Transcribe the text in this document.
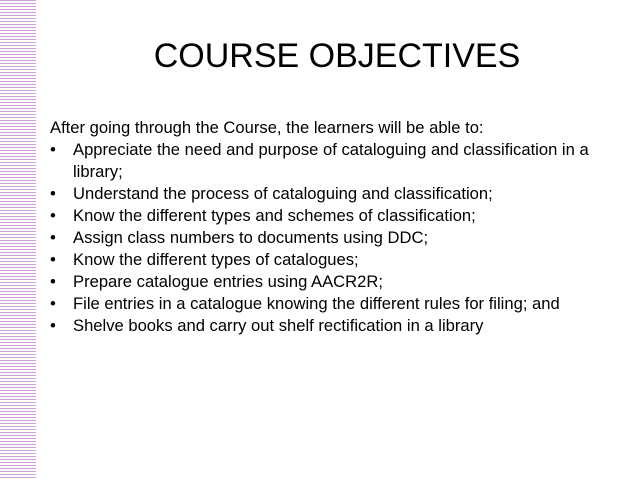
COURSE OBJECTIVES
After going through the Course, the learners will be able to:
•	Appreciate the need and purpose of cataloguing and classification in a library;
•	Understand the process of cataloguing and classification;
•	Know the different types and schemes of classification;
•	Assign class numbers to documents using DDC;
•	Know the different types of catalogues;
•	Prepare catalogue entries using AACR2R;
•	File entries in a catalogue knowing the different rules for filing; and
•	Shelve books and carry out shelf rectification in a library
